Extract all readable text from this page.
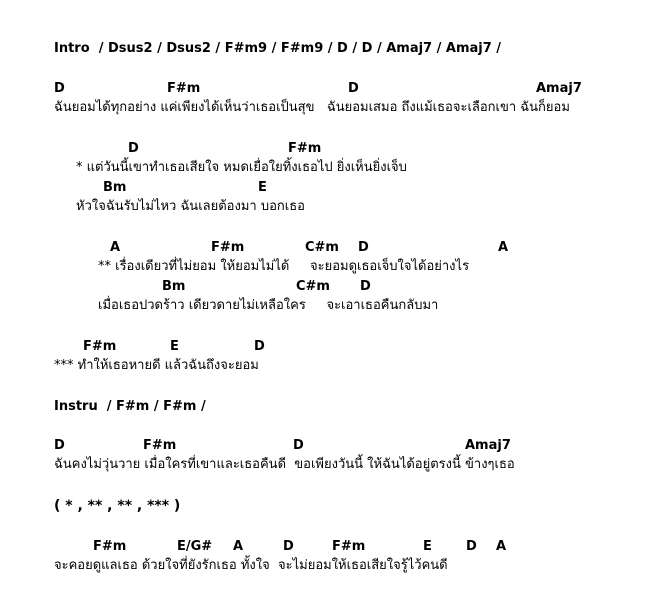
Intro  / Dsus2 / Dsus2 / F#m9 / F#m9 / D / D / Amaj7 / Amaj7 /
D	F#m	D	Amaj7
ฉันยอมได้ทุกอย่าง แค่เพียงได้เห็นว่าเธอเป็นสุข   ฉันยอมเสมอ ถึงแม้เธอจะเลือกเขา ฉันก็ยอม
D	F#m
* แต่วันนี้เขาทำเธอเสียใจ หมดเยื่อใยทิ้งเธอไป ยิ่งเห็นยิ่งเจ็บ
Bm	E
หัวใจฉันรับไม่ไหว ฉันเลยต้องมา บอกเธอ
A	F#m	C#m D	A
** เรื่องเดียวที่ไม่ยอม ให้ยอมไม่ได้     จะยอมดูเธอเจ็บใจได้อย่างไร
Bm	C#m D
เมื่อเธอปวดร้าว เดียวดายไม่เหลือใคร     จะเอาเธอคืนกลับมา
F#m	E	D
*** ทำให้เธอหายดี แล้วฉันถึงจะยอม
Instru  / F#m / F#m /
D	F#m	D	Amaj7
ฉันคงไม่วุ่นวาย เมื่อใครที่เขาและเธอคืนดี  ขอเพียงวันนี้ ให้ฉันได้อยู่ตรงนี้ ข้างๆเธอ
( * , ** , ** , *** )
F#m	E/G# A	D	F#m	E	D A
จะคอยดูแลเธอ ด้วยใจที่ยังรักเธอ ทั้งใจ  จะไม่ยอมให้เธอเสียใจรู้ไว้คนดี
